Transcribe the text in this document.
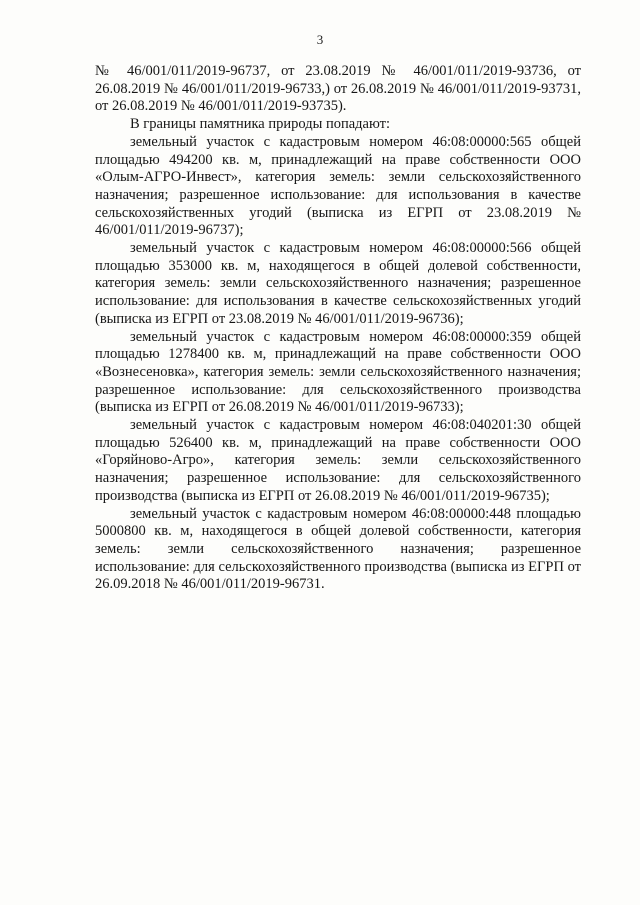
3

№ 46/001/011/2019-96737, от 23.08.2019 № 46/001/011/2019-93736, от 26.08.2019 № 46/001/011/2019-96733,) от 26.08.2019 № 46/001/011/2019-93731, от 26.08.2019 № 46/001/011/2019-93735).

В границы памятника природы попадают:

земельный участок с кадастровым номером 46:08:00000:565 общей площадью 494200 кв. м, принадлежащий на праве собственности ООО «Олым-АГРО-Инвест», категория земель: земли сельскохозяйственного назначения; разрешенное использование: для использования в качестве сельскохозяйственных угодий (выписка из ЕГРП от 23.08.2019 № 46/001/011/2019-96737);

земельный участок с кадастровым номером 46:08:00000:566 общей площадью 353000 кв. м, находящегося в общей долевой собственности, категория земель: земли сельскохозяйственного назначения; разрешенное использование: для использования в качестве сельскохозяйственных угодий (выписка из ЕГРП от 23.08.2019 № 46/001/011/2019-96736);

земельный участок с кадастровым номером 46:08:00000:359 общей площадью 1278400 кв. м, принадлежащий на праве собственности ООО «Вознесеновка», категория земель: земли сельскохозяйственного назначения; разрешенное использование: для сельскохозяйственного производства (выписка из ЕГРП от 26.08.2019 № 46/001/011/2019-96733);

земельный участок с кадастровым номером 46:08:040201:30 общей площадью 526400 кв. м, принадлежащий на праве собственности ООО «Горяйново-Агро», категория земель: земли сельскохозяйственного назначения; разрешенное использование: для сельскохозяйственного производства (выписка из ЕГРП от 26.08.2019 № 46/001/011/2019-96735);

земельный участок с кадастровым номером 46:08:00000:448 площадью 5000800 кв. м, находящегося в общей долевой собственности, категория земель: земли сельскохозяйственного назначения; разрешенное использование: для сельскохозяйственного производства (выписка из ЕГРП от 26.09.2018 № 46/001/011/2019-96731.
